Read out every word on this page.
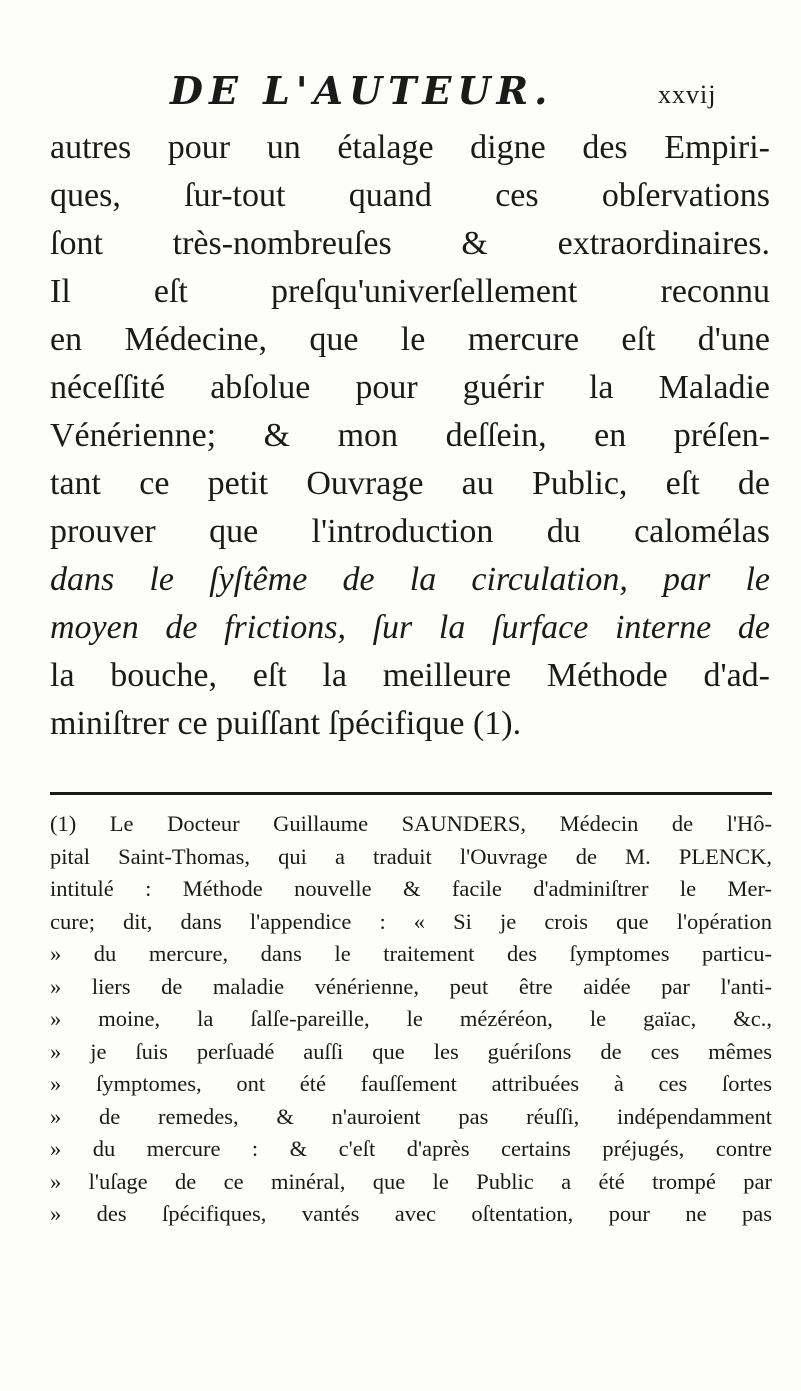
DE L'AUTEUR.	xxvij
autres pour un étalage digne des Empiri-
ques, ſur-tout quand ces obſervations
ſont très-nombreuſes & extraordinaires.
Il eſt preſqu'univerſellement reconnu
en Médecine, que le mercure eſt d'une
néceſſité abſolue pour guérir la Maladie
Vénérienne; & mon deſſein, en préſen-
tant ce petit Ouvrage au Public, eſt de
prouver que l'introduction du calomélas
dans le ſyſtême de la circulation, par le
moyen de frictions, ſur la ſurface interne de
la bouche, eſt la meilleure Méthode d'ad-
miniſtrer ce puiſſant ſpécifique (1).
(1) Le Docteur Guillaume SAUNDERS, Médecin de l'Hô-
pital Saint-Thomas, qui a traduit l'Ouvrage de M. PLENCK,
intitulé : Méthode nouvelle & facile d'adminiſtrer le Mer-
cure; dit, dans l'appendice : « Si je crois que l'opération
» du mercure, dans le traitement des ſymptomes particu-
» liers de maladie vénérienne, peut être aidée par l'anti-
» moine, la ſalſe-pareille, le mézéréon, le gaïac, &c.,
» je ſuis perſuadé auſſi que les guériſons de ces mêmes
» ſymptomes, ont été fauſſement attribuées à ces ſortes
» de remedes, & n'auroient pas réuſſi, indépendamment
» du mercure : & c'eſt d'après certains préjugés, contre
» l'uſage de ce minéral, que le Public a été trompé par
» des ſpécifiques, vantés avec oſtentation, pour ne pas
